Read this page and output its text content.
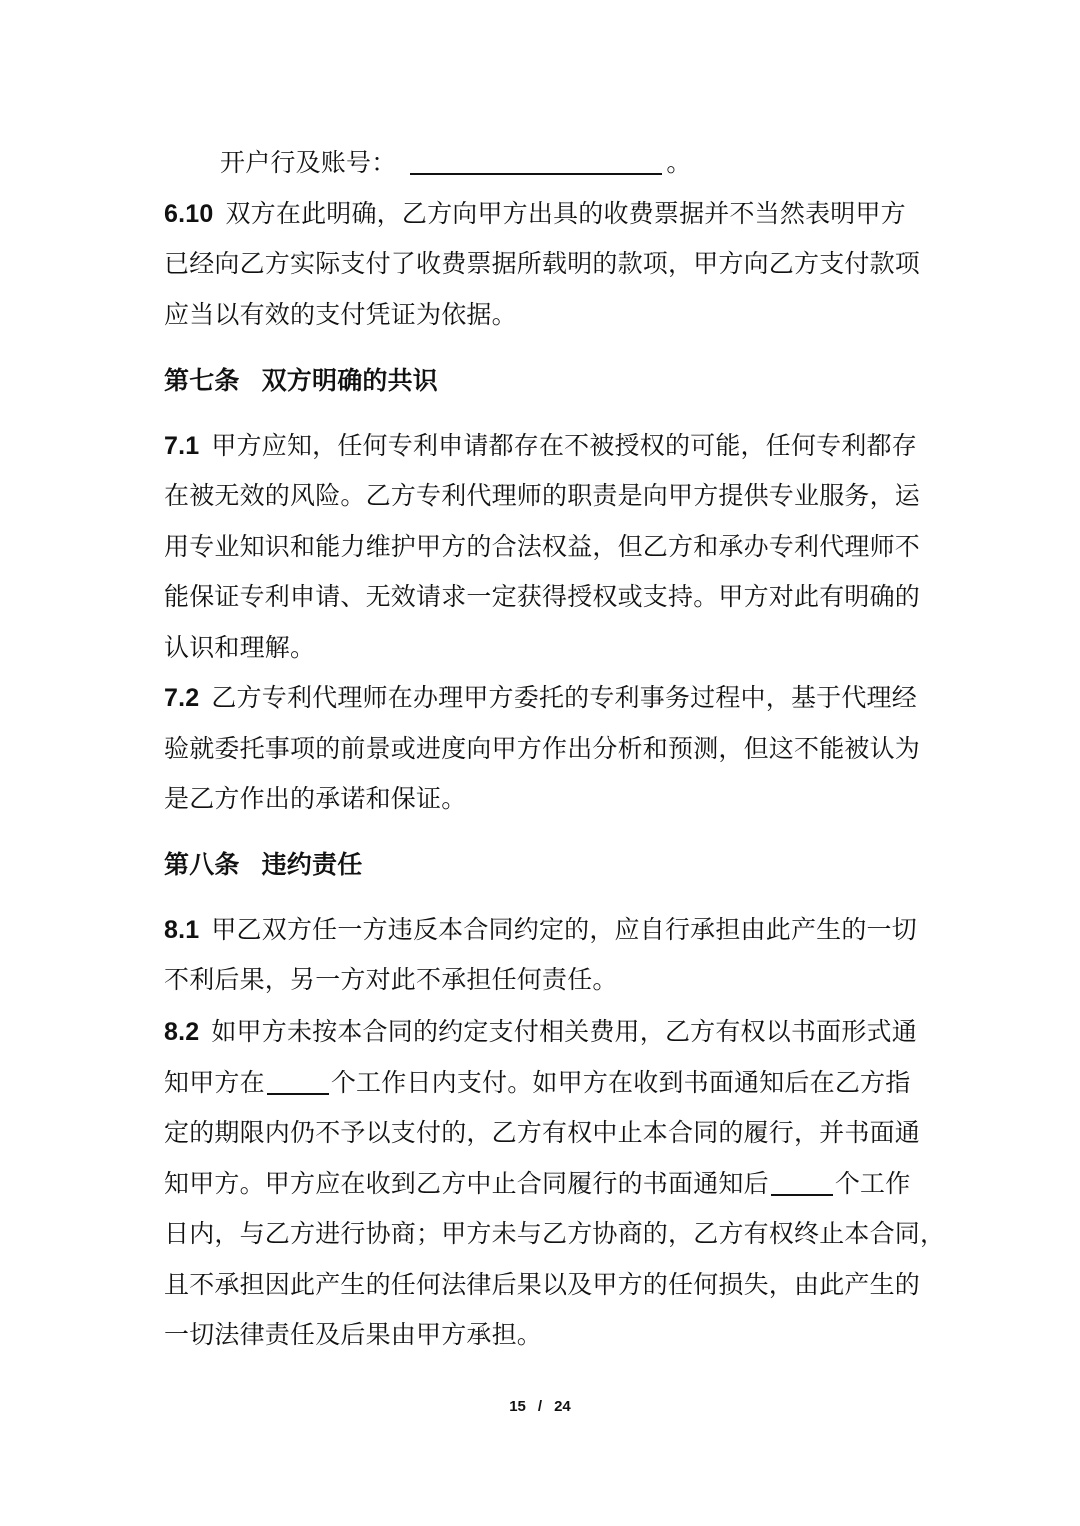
开户行及账号：	。
6.10 双方在此明确，乙方向甲方出具的收费票据并不当然表明甲方
已经向乙方实际支付了收费票据所载明的款项，甲方向乙方支付款项
应当以有效的支付凭证为依据。
第七条 双方明确的共识
7.1 甲方应知，任何专利申请都存在不被授权的可能，任何专利都存
在被无效的风险。乙方专利代理师的职责是向甲方提供专业服务，运
用专业知识和能力维护甲方的合法权益，但乙方和承办专利代理师不
能保证专利申请、无效请求一定获得授权或支持。甲方对此有明确的
认识和理解。
7.2 乙方专利代理师在办理甲方委托的专利事务过程中，基于代理经
验就委托事项的前景或进度向甲方作出分析和预测，但这不能被认为
是乙方作出的承诺和保证。
第八条 违约责任
8.1 甲乙双方任一方违反本合同约定的，应自行承担由此产生的一切
不利后果，另一方对此不承担任何责任。
8.2 如甲方未按本合同的约定支付相关费用，乙方有权以书面形式通
知甲方在	个工作日内支付。如甲方在收到书面通知后在乙方指
定的期限内仍不予以支付的，乙方有权中止本合同的履行，并书面通
知甲方。甲方应在收到乙方中止合同履行的书面通知后	个工作
日内，与乙方进行协商；甲方未与乙方协商的，乙方有权终止本合同，
且不承担因此产生的任何法律后果以及甲方的任何损失，由此产生的
一切法律责任及后果由甲方承担。
15 / 24
